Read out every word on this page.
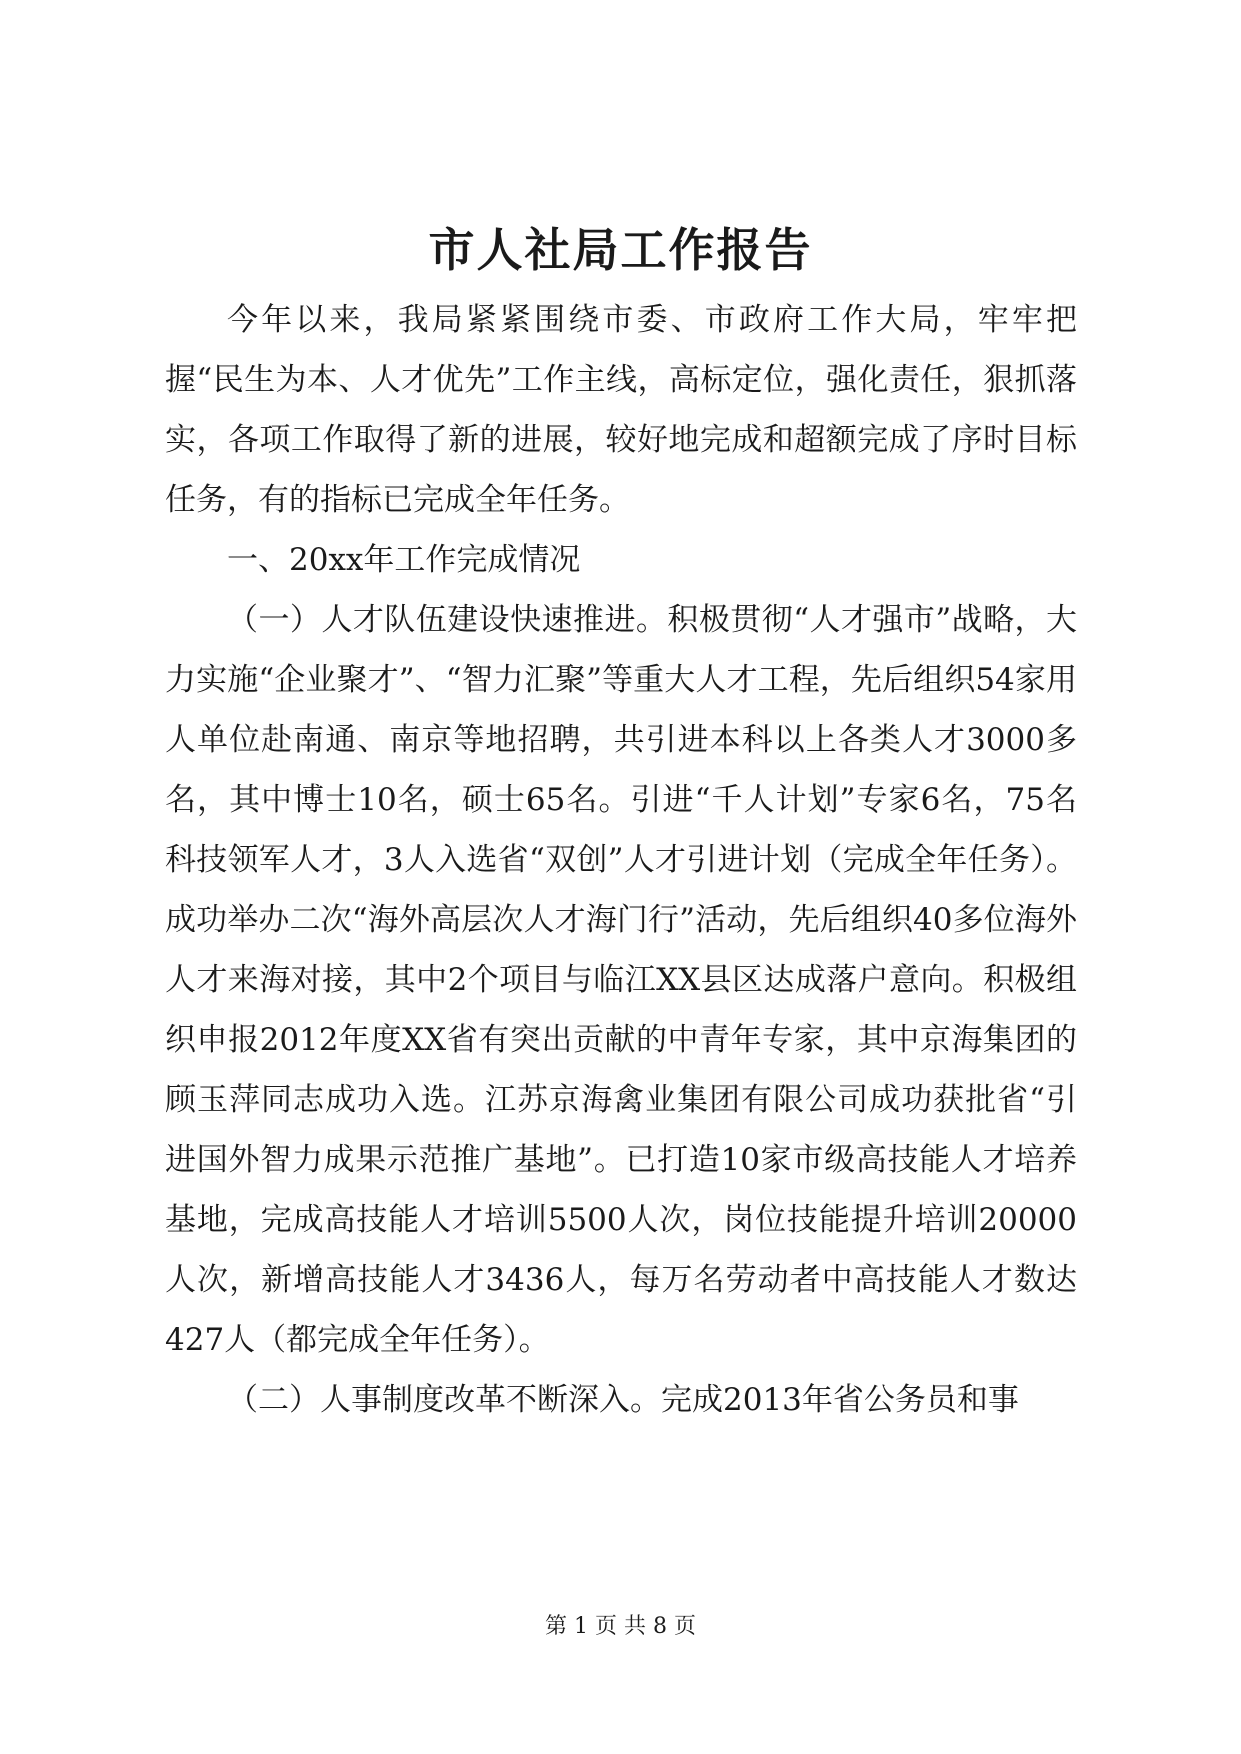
市人社局工作报告

今年以来，我局紧紧围绕市委、市政府工作大局，牢牢把握“民生为本、人才优先”工作主线，高标定位，强化责任，狠抓落实，各项工作取得了新的进展，较好地完成和超额完成了序时目标任务，有的指标已完成全年任务。

一、20xx年工作完成情况

（一）人才队伍建设快速推进。积极贯彻“人才强市”战略，大力实施“企业聚才”、“智力汇聚”等重大人才工程，先后组织54家用人单位赴南通、南京等地招聘，共引进本科以上各类人才3000多名，其中博士10名，硕士65名。引进“千人计划”专家6名，75名科技领军人才，3人入选省“双创”人才引进计划（完成全年任务）。成功举办二次“海外高层次人才海门行”活动，先后组织40多位海外人才来海对接，其中2个项目与临江XX县区达成落户意向。积极组织申报2012年度XX省有突出贡献的中青年专家，其中京海集团的顾玉萍同志成功入选。江苏京海禽业集团有限公司成功获批省“引进国外智力成果示范推广基地”。已打造10家市级高技能人才培养基地，完成高技能人才培训5500人次，岗位技能提升培训20000人次，新增高技能人才3436人，每万名劳动者中高技能人才数达427人（都完成全年任务）。

（二）人事制度改革不断深入。完成2013年省公务员和事

第 1 页 共 8 页
